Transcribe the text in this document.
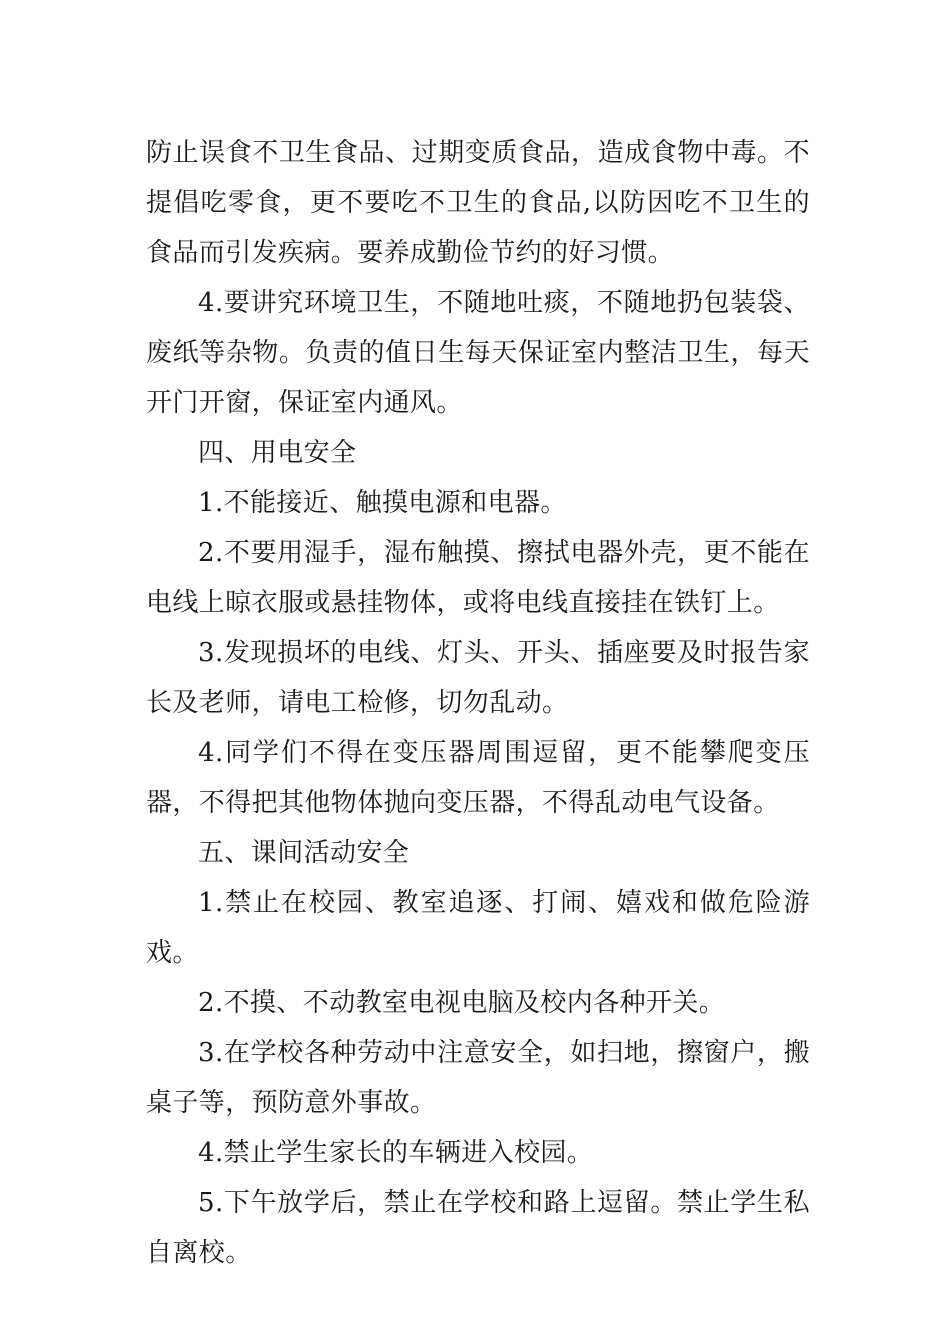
防止误食不卫生食品、过期变质食品，造成食物中毒。不提倡吃零食，更不要吃不卫生的食品,以防因吃不卫生的食品而引发疾病。要养成勤俭节约的好习惯。

4.要讲究环境卫生，不随地吐痰，不随地扔包装袋、废纸等杂物。负责的值日生每天保证室内整洁卫生，每天开门开窗，保证室内通风。

四、用电安全

1.不能接近、触摸电源和电器。

2.不要用湿手，湿布触摸、擦拭电器外壳，更不能在电线上晾衣服或悬挂物体，或将电线直接挂在铁钉上。

3.发现损坏的电线、灯头、开头、插座要及时报告家长及老师，请电工检修，切勿乱动。

4.同学们不得在变压器周围逗留，更不能攀爬变压器，不得把其他物体抛向变压器，不得乱动电气设备。

五、课间活动安全

1.禁止在校园、教室追逐、打闹、嬉戏和做危险游戏。

2.不摸、不动教室电视电脑及校内各种开关。

3.在学校各种劳动中注意安全，如扫地，擦窗户，搬桌子等，预防意外事故。

4.禁止学生家长的车辆进入校园。

5.下午放学后，禁止在学校和路上逗留。禁止学生私自离校。
